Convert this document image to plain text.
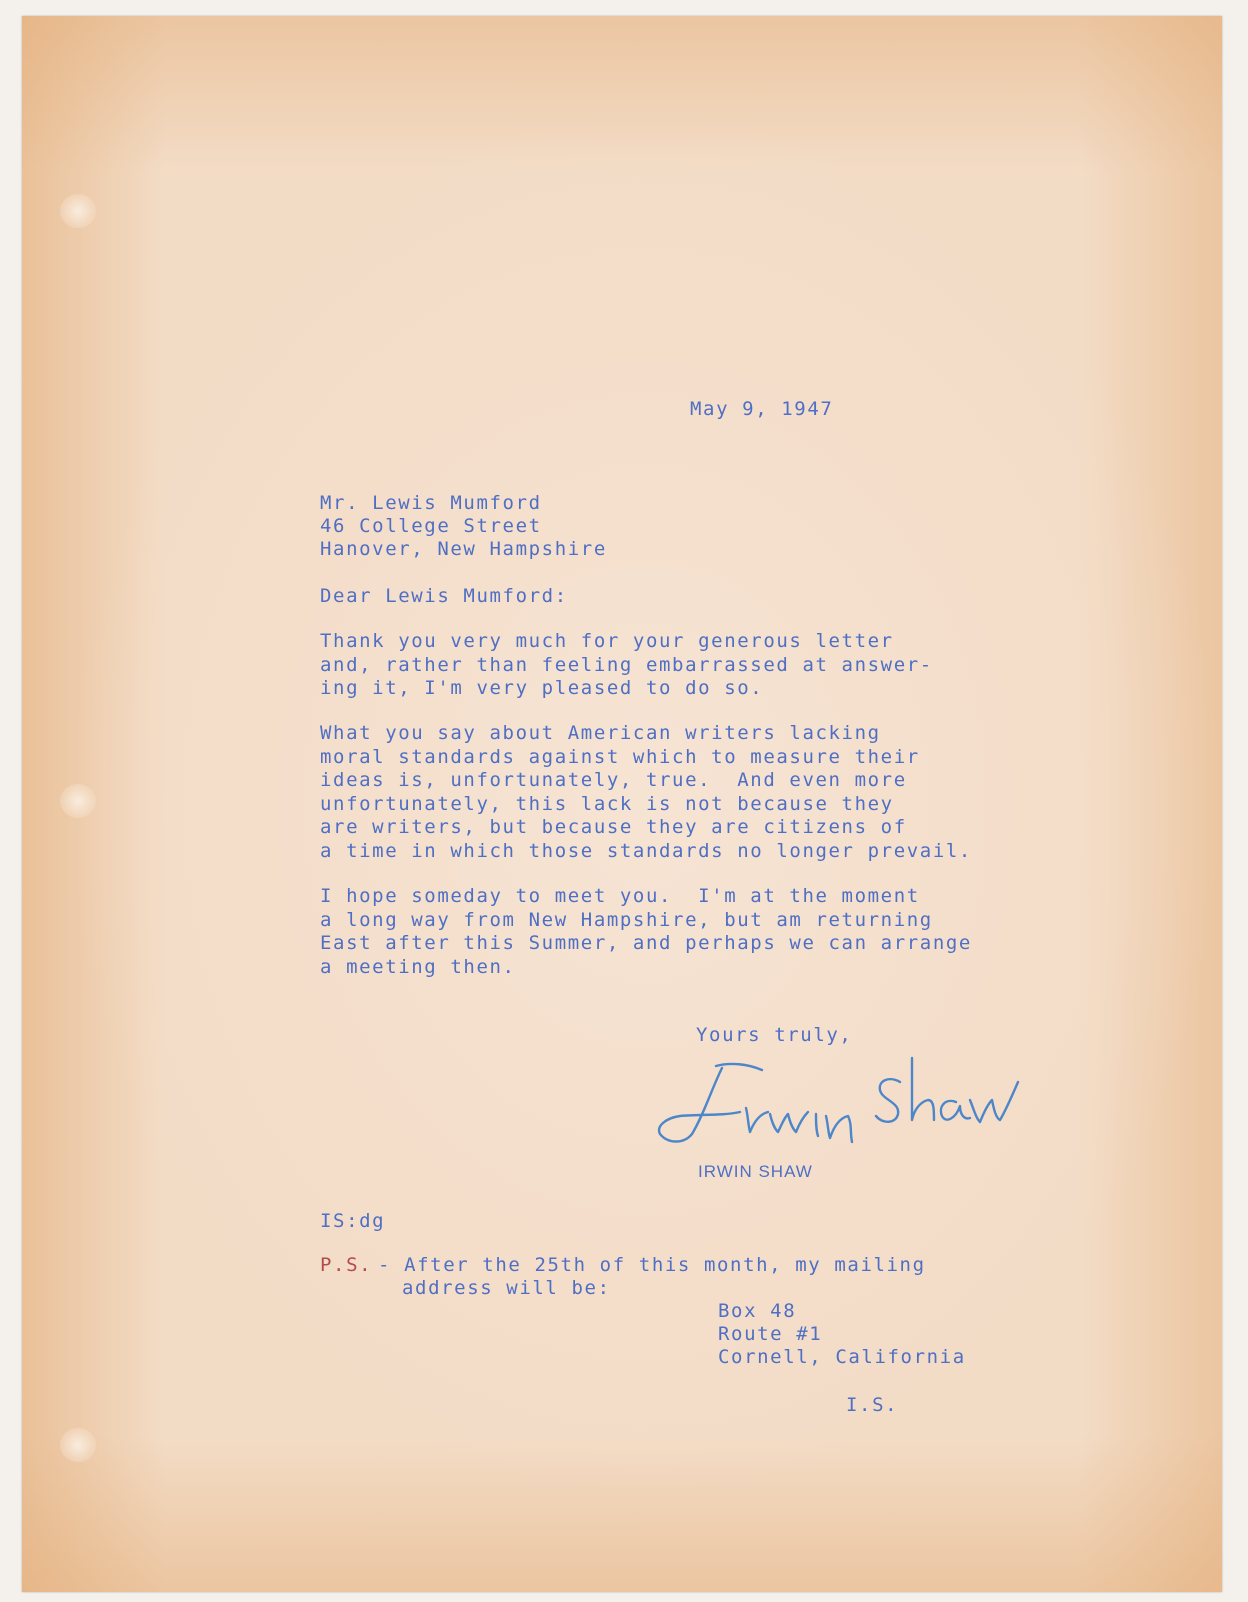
May 9, 1947

Mr. Lewis Mumford

46 College Street

Hanover, New Hampshire

Dear Lewis Mumford:

Thank you very much for your generous letter
and, rather than feeling embarrassed at answer-
ing it, I'm very pleased to do so.

What you say about American writers lacking
moral standards against which to measure their
ideas is, unfortunately, true.  And even more
unfortunately, this lack is not because they
are writers, but because they are citizens of
a time in which those standards no longer prevail.

I hope someday to meet you.  I'm at the moment
a long way from New Hampshire, but am returning
East after this Summer, and perhaps we can arrange
a meeting then.

Yours truly,

IRWIN SHAW

IS:dg

P.S. - After the 25th of this month, my mailing

address will be:

Box 48

Route #1

Cornell, California

I.S.
